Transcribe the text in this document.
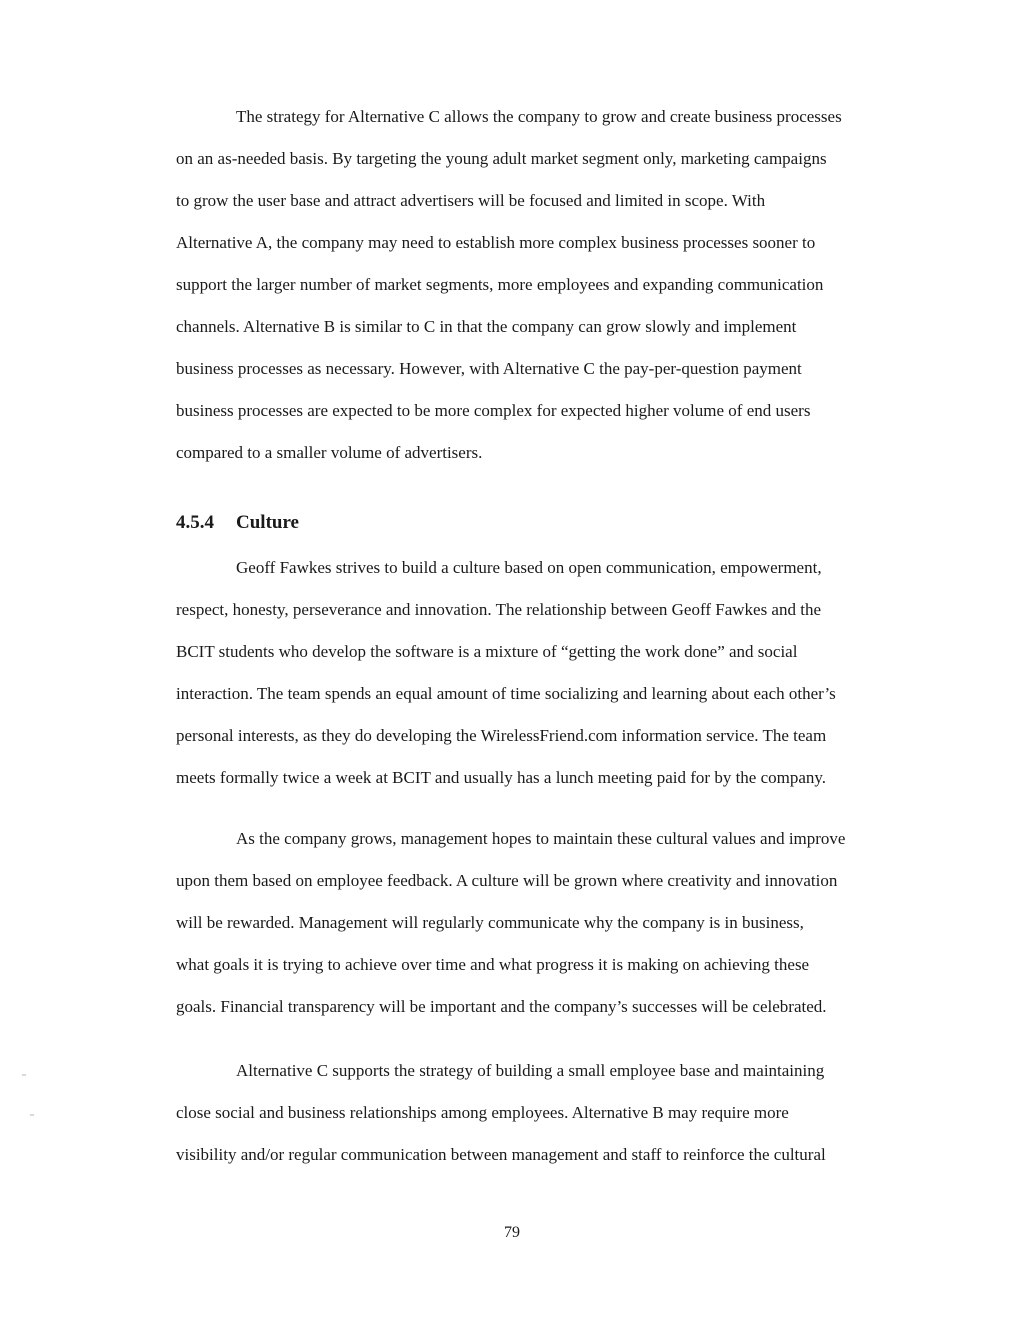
The strategy for Alternative C allows the company to grow and create business processes
on an as-needed basis. By targeting the young adult market segment only, marketing campaigns
to grow the user base and attract advertisers will be focused and limited in scope. With
Alternative A, the company may need to establish more complex business processes sooner to
support the larger number of market segments, more employees and expanding communication
channels. Alternative B is similar to C in that the company can grow slowly and implement
business processes as necessary. However, with Alternative C the pay-per-question payment
business processes are expected to be more complex for expected higher volume of end users
compared to a smaller volume of advertisers.
4.5.4 Culture
Geoff Fawkes strives to build a culture based on open communication, empowerment,
respect, honesty, perseverance and innovation. The relationship between Geoff Fawkes and the
BCIT students who develop the software is a mixture of “getting the work done” and social
interaction. The team spends an equal amount of time socializing and learning about each other’s
personal interests, as they do developing the WirelessFriend.com information service. The team
meets formally twice a week at BCIT and usually has a lunch meeting paid for by the company.
As the company grows, management hopes to maintain these cultural values and improve
upon them based on employee feedback. A culture will be grown where creativity and innovation
will be rewarded. Management will regularly communicate why the company is in business,
what goals it is trying to achieve over time and what progress it is making on achieving these
goals. Financial transparency will be important and the company’s successes will be celebrated.
Alternative C supports the strategy of building a small employee base and maintaining
close social and business relationships among employees. Alternative B may require more
visibility and/or regular communication between management and staff to reinforce the cultural
79
